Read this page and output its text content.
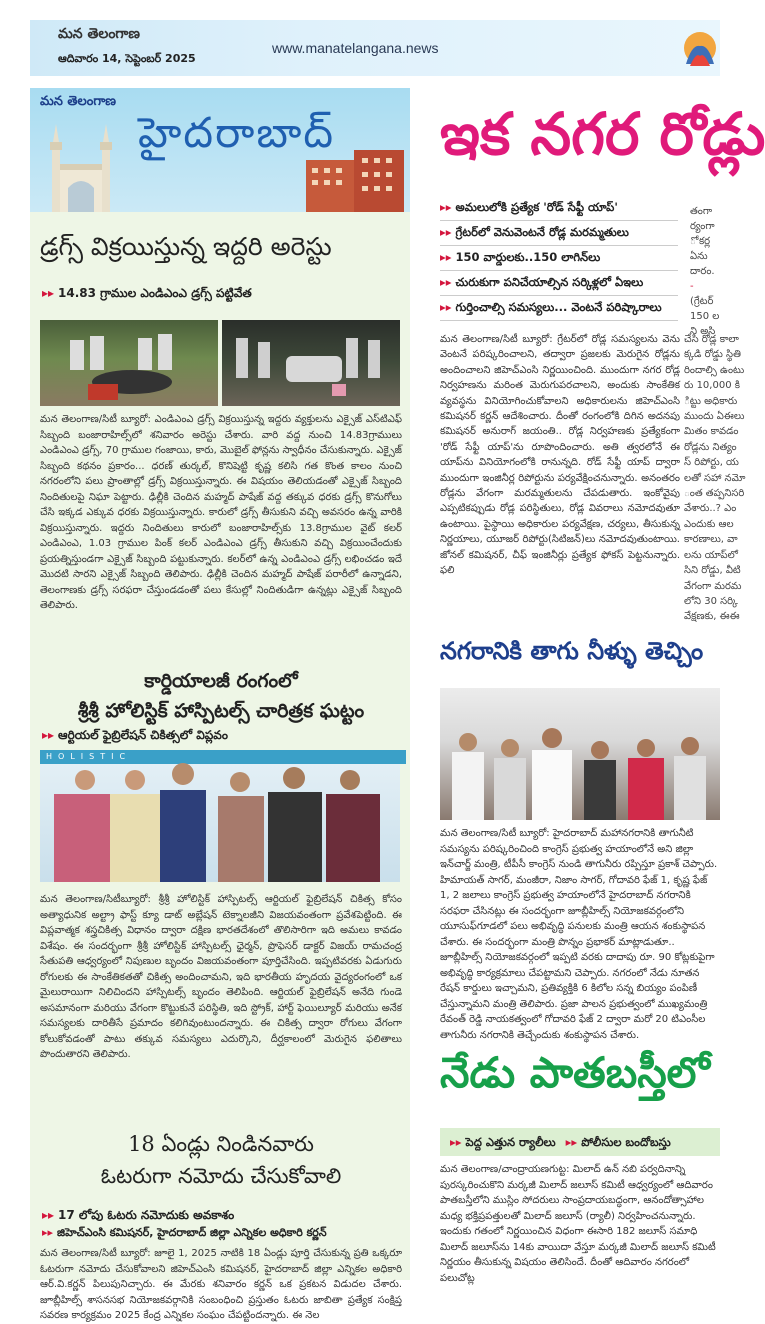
మన తెలంగాణ
ఆదివారం 14, సెప్టెంబర్ 2025
www.manatelangana.news
మన తెలంగాణ
హైదరాబాద్
డ్రగ్స్ విక్రయిస్తున్న ఇద్దరి అరెస్టు
▸▸ 14.83 గ్రాముల ఎండిఎంఎ డ్రగ్స్ పట్టివేత
మన తెలంగాణ/సిటీ బ్యూరో: ఎండిఎంఎ డ్రగ్స్ విక్రయిస్తున్న ఇద్దరు వ్యక్తులను ఎక్సైజ్ ఎస్‌టిఎఫ్ సిబ్బంది బంజారాహిల్స్‌లో శనివారం అరెస్టు చేశారు. వారి వద్ద నుంచి 14.83గ్రాములు ఎండిఎంఎ డ్రగ్స్, 70 గ్రాముల గంజాయి, కారు, మొబైల్ ఫోన్లను స్వాధీనం చేసుకున్నారు. ఎక్సైజ్ సిబ్బంది కథనం ప్రకారం... ధరణ్ తుర్కల్, కొనిషెట్టి కృష్ణ కలిసి గత కొంత కాలం నుంచి నగరంలోని పలు ప్రాంతాల్లో డ్రగ్స్ విక్రయిస్తున్నారు. ఈ విషయం తెలియడంతో ఎక్సైజ్ సిబ్బంది నిందితులపై నిఘా పెట్టారు. ఢిల్లీకి చెందిన మహ్మద్ పాషేజ్ వద్ద తక్కువ ధరకు డ్రగ్స్ కొనుగోలు చేసి ఇక్కడ ఎక్కువ ధరకు విక్రయిస్తున్నారు. కారులో డ్రగ్స్ తీసుకుని వచ్చి అవసరం ఉన్న వారికి విక్రయిస్తున్నారు. ఇద్దరు నిందితులు కారులో బంజారాహిల్స్‌కు 13.8గ్రాముల వైట్ కలర్ ఎండిఎంఎ, 1.03 గ్రాముల పింక్ కలర్ ఎండిఎంఎ డ్రగ్స్ తీసుకుని వచ్చి విక్రయించేందుకు ప్రయత్నిస్తుండగా ఎక్సైజ్ సిబ్బంది పట్టుకున్నారు. కలర్‌లో ఉన్న ఎండిఎంఎ డ్రగ్స్ లభించడం ఇదే మొదటి సారని ఎక్సైజ్ సిబ్బంది తెలిపారు. ఢిల్లీకి చెందిన మహ్మద్ పాషేజ్ పరారీలో ఉన్నాడని, తెలంగాణకు డ్రగ్స్ సరఫరా చేస్తుండడంతో పలు కేసుల్లో నిందితుడిగా ఉన్నట్లు ఎక్సైజ్ సిబ్బంది తెలిపారు.
కార్డియాలజీ రంగంలో
శ్రీశ్రీ హోలిస్టిక్ హాస్పిటల్స్ చారిత్రక ఘట్టం
▸▸ ఆర్టియల్ ఫైబ్రిలేషన్ చికిత్సలో విప్లవం
HOLISTIC
మన తెలంగాణ/సిటీబ్యూరో: శ్రీశ్రీ హోలిస్టిక్ హాస్పిటల్స్ ఆర్టియల్ ఫైబ్రిలేషన్ చికిత్స కోసం అత్యాధునిక అల్ట్రా ఫాస్ట్ క్యూ డాట్ అబ్లేషన్ టెక్నాలజీని విజయవంతంగా ప్రవేశపెట్టింది. ఈ విప్లవాత్మక శస్త్రచికిత్స విధానం ద్వారా దక్షిణ భారతదేశంలో తొలిసారిగా ఇది అమలు కావడం విశేషం. ఈ సందర్భంగా శ్రీశ్రీ హోలిస్టిక్ హాస్పిటల్స్ ఛైర్మన్, ప్రొఫెసర్ డాక్టర్ విజయ్ రామచంద్ర సేతుపతి ఆధ్వర్యంలో నిపుణుల బృందం విజయవంతంగా పూర్తిచేసింది. ఇప్పటివరకు ఏడుగురు రోగులకు ఈ సాంకేతికతతో చికిత్స అందించామని, ఇది భారతీయ హృదయ వైద్యరంగంలో ఒక మైలురాయిగా నిలిచిందని హాస్పిటల్స్ బృందం తెలిపింది. ఆర్టియల్ ఫైబ్రిలేషన్ అనేది గుండె అసమానంగా మరియు వేగంగా కొట్టుకునే పరిస్థితి, ఇది స్ట్రోక్, హార్ట్ ఫెయిల్యూర్ మరియు అనేక సమస్యలకు దారితీసే ప్రమాదం కలిగివుంటుందన్నారు. ఈ చికిత్స ద్వారా రోగులు వేగంగా కోలుకోవడంతో పాటు తక్కువ సమస్యలు ఎదుర్కొని, దీర్ఘకాలంలో మెరుగైన ఫలితాలు పొందుతారని తెలిపారు.
18 ఏండ్లు నిండినవారు
ఓటరుగా నమోదు చేసుకోవాలి
▸▸ 17 లోపు ఓటరు నమోదుకు అవకాశం
▸▸ జిహెచ్‌ఎంసి కమిషనర్, హైదరాబాద్ జిల్లా ఎన్నికల అధికారి కర్ణన్
మన తెలంగాణ/సిటీ బ్యూరో: జూలై 1, 2025 నాటికి 18 ఏండ్లు పూర్తి చేసుకున్న ప్రతి ఒక్కరూ ఓటరుగా నమోదు చేసుకోవాలని జిహెచ్‌ఎంసి కమిషనర్, హైదరాబాద్ జిల్లా ఎన్నికల అధికారి ఆర్.వి.కర్ణన్ పిలుపునిచ్చారు. ఈ మేరకు శనివారం కర్ణన్ ఒక ప్రకటన విడుదల చేశారు. జూబ్లీహిల్స్ శాసనసభ నియోజకవర్గానికి సంబంధించి ప్రస్తుతం ఓటరు జాబితా ప్రత్యేక సంక్షిప్త సవరణ కార్యక్రమం 2025 కేంద్ర ఎన్నికల సంఘం చేపట్టిందన్నారు. ఈ నెల
ఇక నగర రోడ్లు
▸▸ అమలులోకి ప్రత్యేక 'రోడ్ సేఫ్టీ యాప్'
▸▸ గ్రేటర్‌లో వెనువెంటనే రోడ్ల మరమ్మతులు
▸▸ 150 వార్డులకు..150 లాగిన్‌లు
▸▸ చురుకుగా పనిచేయాల్సిన సర్కిళ్లలో ఏఇలు
▸▸ గుర్తించాల్సి సమస్యలు... వెంటనే పరిష్కారాలు
తంగా
ర్యంగా
ో కర్ల
ఏను
దారం.
-
(గ్రేటర్
150 ల
ని అసి
మన తెలంగాణ/సిటీ బ్యూరో: గ్రేటర్‌లో రోడ్ల సమస్యలను వెను వెంటనే పరిష్కరించాలని, తద్వారా ప్రజలకు మెరుగైన రోడ్లను అందించాలని జిహెచ్‌ఎంసి నిర్ణయించింది. ముందుగా నగర రోడ్ల నిర్వహణను మరింత మెరుగుపరచాలని, అందుకు సాంకేతిక వ్యవస్థను వినియోగించుకోవాలని అధికారులను జిహెచ్‌ఎంసి కమిషనర్ కర్ణన్ ఆదేశించారు. దీంతో రంగంలోకి దిగిన అదనపు కమిషనర్ అనురాగ్ జయంతి.. రోడ్ల నిర్వహణకు ప్రత్యేకంగా 'రోడ్ సేఫ్టీ యాప్'ను రూపొందించారు. అతి త్వరలోనే ఈ యాప్‌ను వినియోగంలోకి రానున్నది. రోడ్ సేఫ్టీ యాప్ ద్వారా ముందుగా ఇంజినీర్ల రిపోర్టును పర్యవేక్షించనున్నారు. అనంతరం రోడ్లను వేగంగా మరమ్మతులను చేపడుతారు. ఇంకోవైపు ఎప్పటికప్పుడు రోడ్ల పరిస్థితులు, రోడ్ల వివరాలు నమోదవుతూ ఉంటాయి. పైస్థాయి అధికారుల పర్యవేక్షణ, చర్యలు, తీసుకున్న నిర్ణయాలు, యూజర్ రిపోర్టు(సిటిజన్)లు నమోదవుతుంటాయి. జోనల్ కమిషనర్, చీఫ్ ఇంజినీర్లు ప్రత్యేక ఫోకస్ పెట్టనున్నారు. ఫలి
చేసి రోడ్ల కాలా
క్కడి రోడ్డు స్థితి
రిందాల్సి ఉంటు
రు 10,000 కి
ిట్టు అధికారు
ముందు ఏఈలు
మితం కావడం
రోడ్లను నిత్యం
స్ రిపోర్టు, య
లతో సహా నమో
ంత తప్పనిసరి
వేశారు..? ఎం
ఎందుకు ఆల
కారణాలు, వా
లను యాప్‌లో
సిని రోడ్డు, వీటి
వేగంగా మరమ
లోని 30 సర్కి
వేక్షణకు, ఈఈ
నగరానికి తాగు నీళ్ళు తెచ్చిం
మన తెలంగాణ/సిటీ బ్యూరో: హైదరాబాద్ మహానగరానికి తాగునీటి సమస్యను పరిష్కరించింది కాంగ్రెస్ ప్రభుత్వ హయాంలోనే అని జిల్లా ఇన్‌చార్జ్ మంత్రి, టీపీసీ కాంగ్రెస్ నుండి తాగునీరు రప్పిస్తూ ప్రకాశ్ చెప్పారు. హిమాయత్ సాగర్, మంజీరా, నిజాం సాగర్, గోదావరి ఫేజ్ 1, కృష్ణ ఫేజ్ 1, 2 జలాలు కాంగ్రెస్ ప్రభుత్వ హయాంలోనే హైదరాబాద్ నగరానికి సరఫరా చేసినట్లు ఈ సందర్భంగా జూబ్లీహిల్స్ నియోజకవర్గంలోని యూసుఫ్‌గూడలో పలు అభివృద్ధి పనులకు మంత్రి ఆయన శంకుస్థాపన చేశారు. ఈ సందర్భంగా మంత్రి పొన్నం ప్రభాకర్ మాట్లాడుతూ.. జూబ్లీహిల్స్ నియోజకవర్గంలో ఇప్పటి వరకు దాదాపు రూ. 90 కోట్లకుపైగా అభివృద్ధి కార్యక్రమాలు చేపట్టామని చెప్పారు. నగరంలో నేడు నూతన రేషన్ కార్డులు ఇచ్చామని, ప్రతివ్యక్తికి 6 కిలోల సన్న బియ్యం పంపిణీ చేస్తున్నామని మంత్రి తెలిపారు. ప్రజా పాలన ప్రభుత్వంలో ముఖ్యమంత్రి రేవంత్ రెడ్డి నాయకత్వంలో గోదావరి ఫేజ్ 2 ద్వారా మరో 20 టిఎంసీల తాగునీరు నగరానికి తెచ్చేందుకు శంకుస్థాపన చేశారు.
నేడు పాతబస్తీలో
▸▸ పెద్ద ఎత్తున ర్యాలీలు ▸▸ పోలీసుల బందోబస్తు
మన తెలంగాణ/చాంద్రాయణగుట్ట: మిలాద్ ఉన్ నబి పర్వదినాన్ని పురస్కరించుకొని మర్కజీ మిలాద్ జలూస్ కమిటీ ఆధ్వర్యంలో ఆదివారం పాతబస్తీలోని ముస్లిం సోదరులు సాంప్రదాయబద్ధంగా, ఆనందోత్సాహాల మధ్య భక్తిప్రపత్తులతో మిలాద్ జలూస్ (ర్యాలీ) నిర్వహించనున్నారు. ఇందుకు గతంలో నిర్ణయించిన విధంగా ఈసారి 182 జలూస్ సమాధి మిలాద్ జలూస్‌ను 14కు వాయిదా వేస్తూ మర్కజీ మిలాద్ జలూస్ కమిటీ నిర్ణయం తీసుకున్న విషయం తెలిసిందే. దీంతో ఆదివారం నగరంలో పలుచోట్ల
